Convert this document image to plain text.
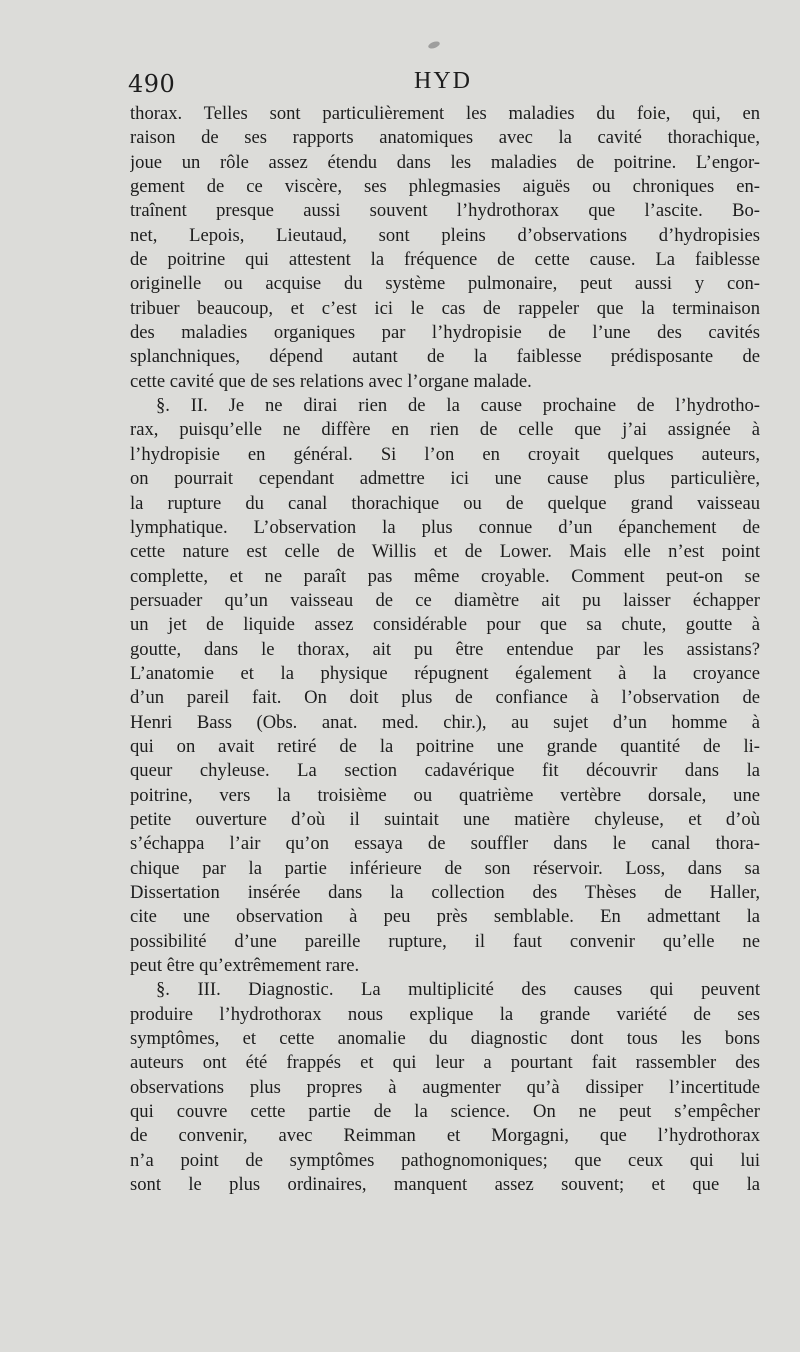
490	HYD
thorax. Telles sont particulièrement les maladies du foie, qui, en
raison de ses rapports anatomiques avec la cavité thorachique,
joue un rôle assez étendu dans les maladies de poitrine. L’engor-
gement de ce viscère, ses phlegmasies aiguës ou chroniques en-
traînent presque aussi souvent l’hydrothorax que l’ascite. Bo-
net, Lepois, Lieutaud, sont pleins d’observations d’hydropisies
de poitrine qui attestent la fréquence de cette cause. La faiblesse
originelle ou acquise du système pulmonaire, peut aussi y con-
tribuer beaucoup, et c’est ici le cas de rappeler que la terminaison
des maladies organiques par l’hydropisie de l’une des cavités
splanchniques, dépend autant de la faiblesse prédisposante de
cette cavité que de ses relations avec l’organe malade.
§. II. Je ne dirai rien de la cause prochaine de l’hydrotho-
rax, puisqu’elle ne diffère en rien de celle que j’ai assignée à
l’hydropisie en général. Si l’on en croyait quelques auteurs,
on pourrait cependant admettre ici une cause plus particulière,
la rupture du canal thorachique ou de quelque grand vaisseau
lymphatique. L’observation la plus connue d’un épanchement de
cette nature est celle de Willis et de Lower. Mais elle n’est point
complette, et ne paraît pas même croyable. Comment peut-on se
persuader qu’un vaisseau de ce diamètre ait pu laisser échapper
un jet de liquide assez considérable pour que sa chute, goutte à
goutte, dans le thorax, ait pu être entendue par les assistans?
L’anatomie et la physique répugnent également à la croyance
d’un pareil fait. On doit plus de confiance à l’observation de
Henri Bass (Obs. anat. med. chir.), au sujet d’un homme à
qui on avait retiré de la poitrine une grande quantité de li-
queur chyleuse. La section cadavérique fit découvrir dans la
poitrine, vers la troisième ou quatrième vertèbre dorsale, une
petite ouverture d’où il suintait une matière chyleuse, et d’où
s’échappa l’air qu’on essaya de souffler dans le canal thora-
chique par la partie inférieure de son réservoir. Loss, dans sa
Dissertation insérée dans la collection des Thèses de Haller,
cite une observation à peu près semblable. En admettant la
possibilité d’une pareille rupture, il faut convenir qu’elle ne
peut être qu’extrêmement rare.
§. III. Diagnostic. La multiplicité des causes qui peuvent
produire l’hydrothorax nous explique la grande variété de ses
symptômes, et cette anomalie du diagnostic dont tous les bons
auteurs ont été frappés et qui leur a pourtant fait rassembler des
observations plus propres à augmenter qu’à dissiper l’incertitude
qui couvre cette partie de la science. On ne peut s’empêcher
de convenir, avec Reimman et Morgagni, que l’hydrothorax
n’a point de symptômes pathognomoniques; que ceux qui lui
sont le plus ordinaires, manquent assez souvent; et que la
